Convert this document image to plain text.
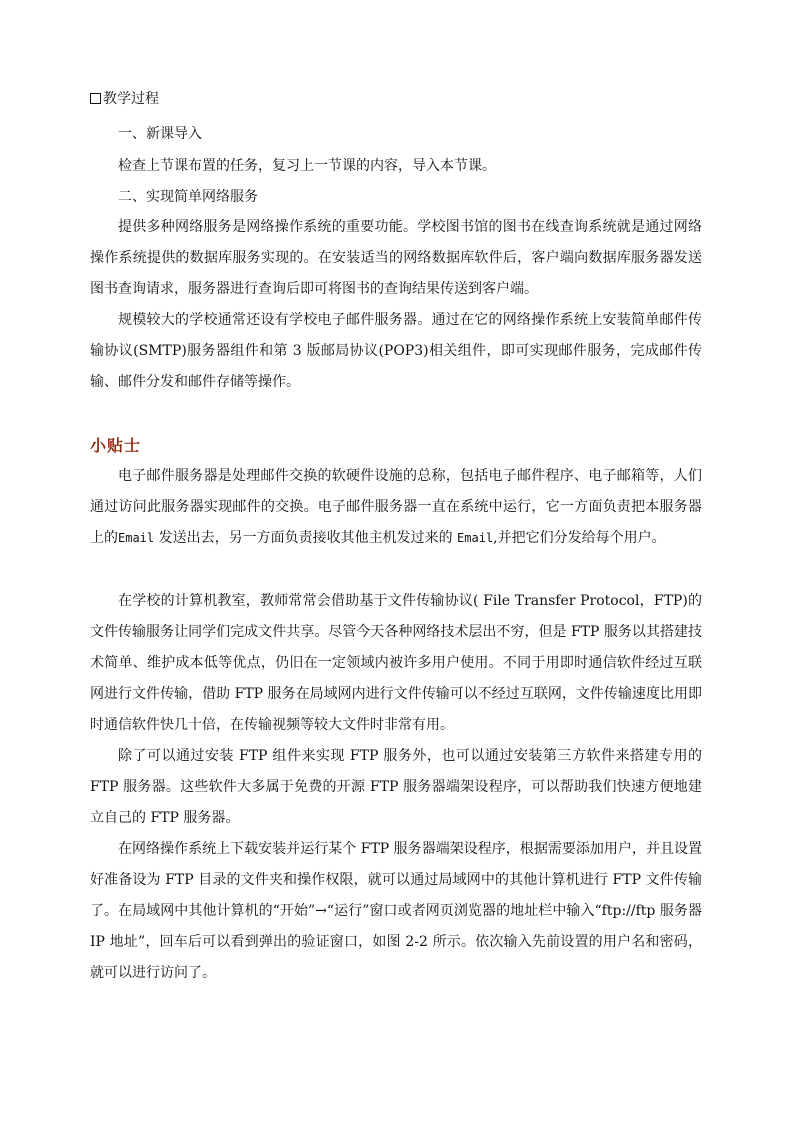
教学过程
一、新课导入
检查上节课布置的任务，复习上一节课的内容，导入本节课。
二、实现简单网络服务

提供多种网络服务是网络操作系统的重要功能。学校图书馆的图书在线查询系统就是通过网络操作系统提供的数据库服务实现的。在安装适当的网络数据库软件后，客户端向数据库服务器发送图书查询请求，服务器进行查询后即可将图书的查询结果传送到客户端。

规模较大的学校通常还设有学校电子邮件服务器。通过在它的网络操作系统上安装简单邮件传输协议(SMTP)服务器组件和第 3 版邮局协议(POP3)相关组件，即可实现邮件服务，完成邮件传输、邮件分发和邮件存储等操作。

小贴士

电子邮件服务器是处理邮件交换的软硬件设施的总称，包括电子邮件程序、电子邮箱等，人们通过访问此服务器实现邮件的交换。电子邮件服务器一直在系统中运行，它一方面负责把本服务器上的Email 发送出去，另一方面负责接收其他主机发过来的 Email,并把它们分发给每个用户。

在学校的计算机教室，教师常常会借助基于文件传输协议( File Transfer Protocol，FTP)的文件传输服务让同学们完成文件共享。尽管今天各种网络技术层出不穷，但是 FTP 服务以其搭建技术简单、维护成本低等优点，仍旧在一定领域内被许多用户使用。不同于用即时通信软件经过互联网进行文件传输，借助 FTP 服务在局域网内进行文件传输可以不经过互联网，文件传输速度比用即时通信软件快几十倍，在传输视频等较大文件时非常有用。

除了可以通过安装 FTP 组件来实现 FTP 服务外，也可以通过安装第三方软件来搭建专用的 FTP 服务器。这些软件大多属于免费的开源 FTP 服务器端架设程序，可以帮助我们快速方便地建立自己的 FTP 服务器。

在网络操作系统上下载安装并运行某个 FTP 服务器端架设程序，根据需要添加用户，并且设置好准备设为 FTP 目录的文件夹和操作权限，就可以通过局域网中的其他计算机进行 FTP 文件传输了。 在局域网中其他计算机的“开始”→“运行”窗口或者网页浏览器的地址栏中输入“ftp://ftp 服务器 IP 地址”，回车后可以看到弹出的验证窗口，如图 2-2 所示。依次输入先前设置的用户名和密码，就可以进行访问了。
